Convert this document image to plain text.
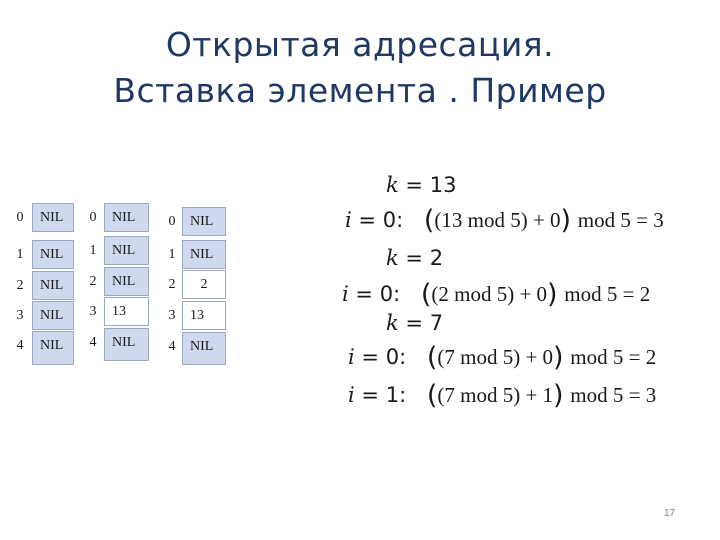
Открытая адресация.
Вставка элемента . Пример
0	NIL
1	NIL
2	NIL
3	NIL
4	NIL
0	NIL
1	NIL
2	NIL
3	13
4	NIL
0	NIL
1	NIL
2	2
3	13
4	NIL
k = 13
i = 0: ((13 mod 5) + 0) mod 5 = 3
k = 2
i = 0: ((2 mod 5) + 0) mod 5 = 2
k = 7
i = 0: ((7 mod 5) + 0) mod 5 = 2
i = 1: ((7 mod 5) + 1) mod 5 = 3
17
